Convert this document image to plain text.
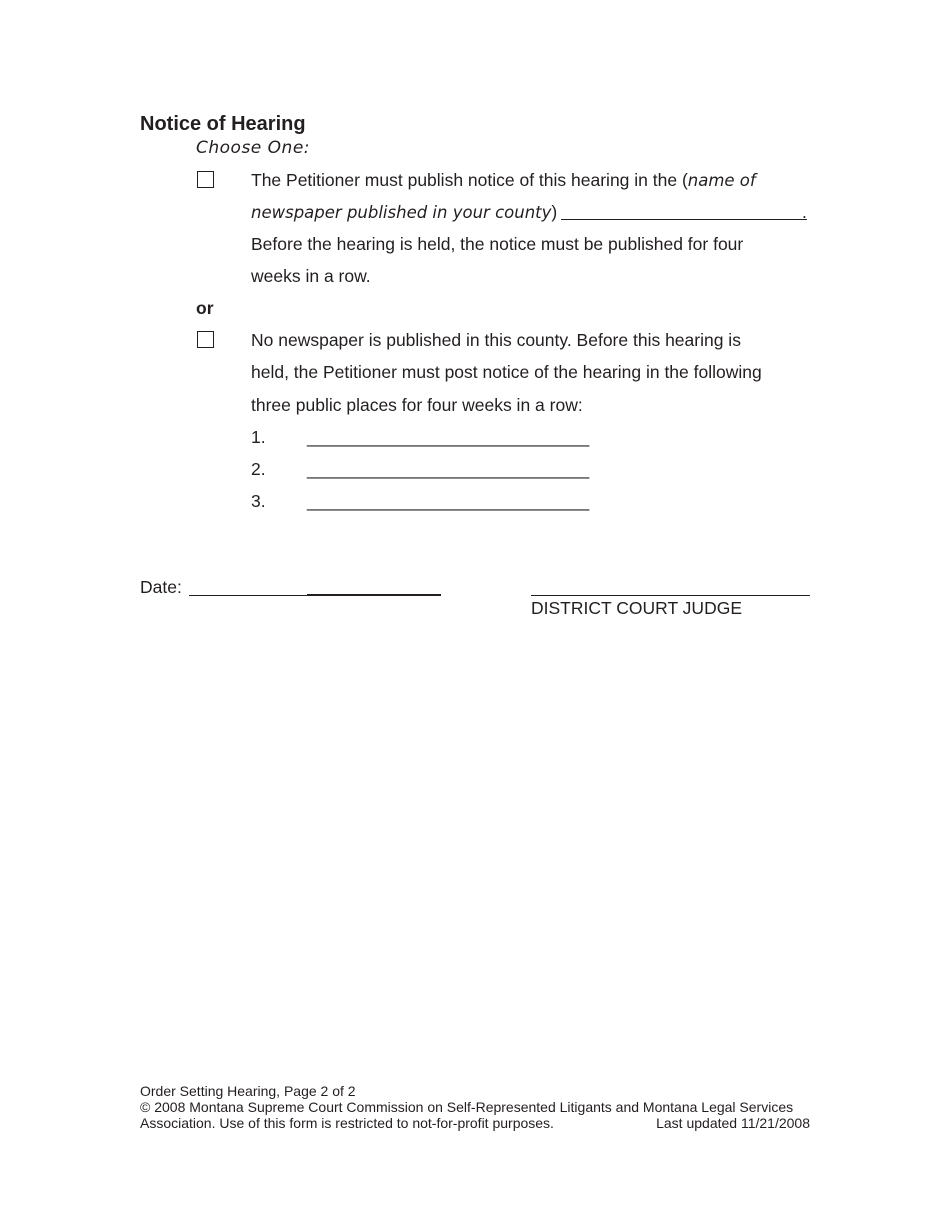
Notice of Hearing
Choose One:
The Petitioner must publish notice of this hearing in the (name of
newspaper published in your county)	.
Before the hearing is held, the notice must be published for four
weeks in a row.
or
No newspaper is published in this county. Before this hearing is
held, the Petitioner must post notice of the hearing in the following
three public places for four weeks in a row:
1. _____________________________
2. _____________________________
3. _____________________________
Date:
DISTRICT COURT JUDGE
Order Setting Hearing, Page 2 of 2
© 2008 Montana Supreme Court Commission on Self-Represented Litigants and Montana Legal Services
Association. Use of this form is restricted to not-for-profit purposes.	Last updated 11/21/2008
